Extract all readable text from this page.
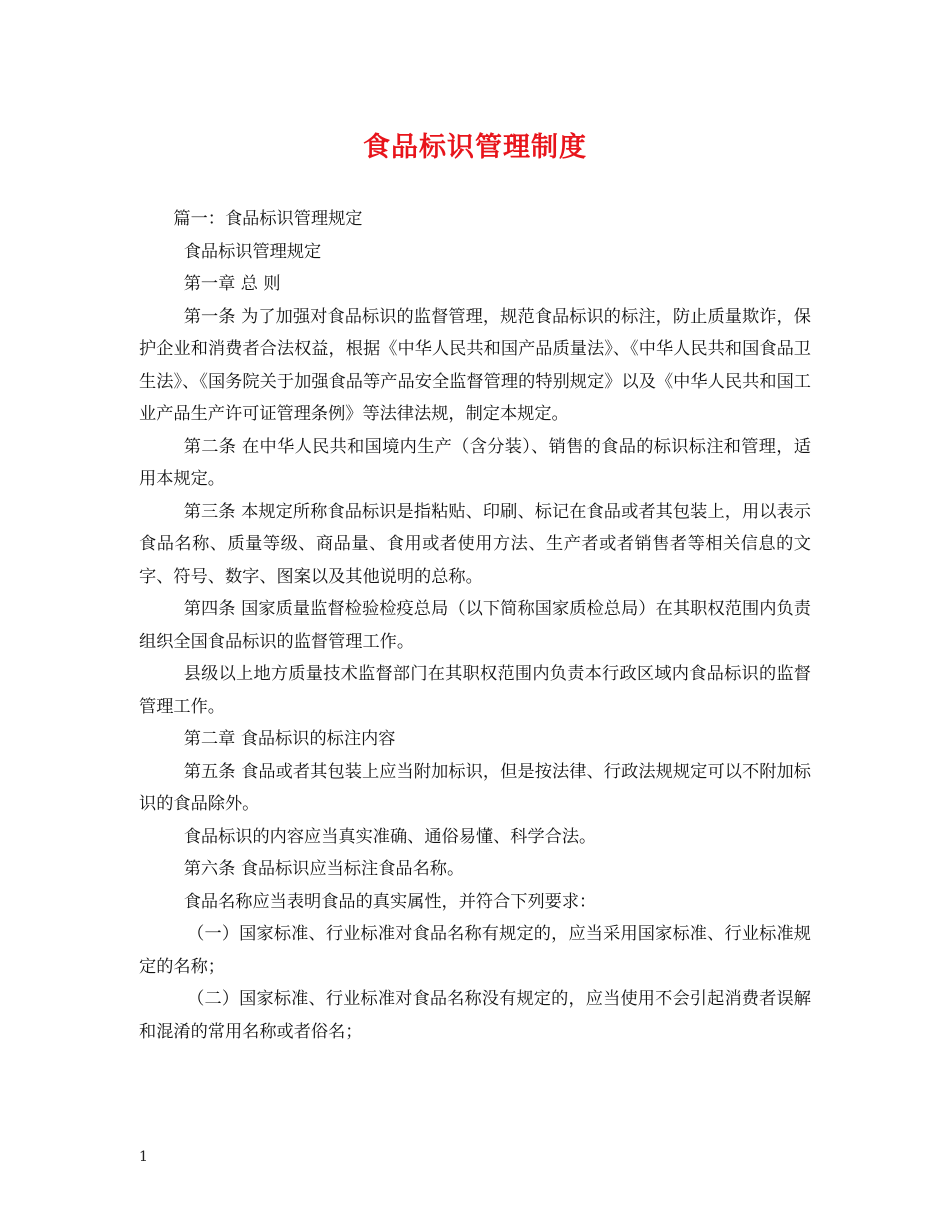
食品标识管理制度

篇一：食品标识管理规定

食品标识管理规定

第一章 总 则

第一条 为了加强对食品标识的监督管理，规范食品标识的标注，防止质量欺诈，保护企业和消费者合法权益，根据《中华人民共和国产品质量法》、《中华人民共和国食品卫生法》、《国务院关于加强食品等产品安全监督管理的特别规定》以及《中华人民共和国工业产品生产许可证管理条例》等法律法规，制定本规定。

第二条 在中华人民共和国境内生产（含分装）、销售的食品的标识标注和管理，适用本规定。

第三条 本规定所称食品标识是指粘贴、印刷、标记在食品或者其包装上，用以表示食品名称、质量等级、商品量、食用或者使用方法、生产者或者销售者等相关信息的文字、符号、数字、图案以及其他说明的总称。

第四条 国家质量监督检验检疫总局（以下简称国家质检总局）在其职权范围内负责组织全国食品标识的监督管理工作。

县级以上地方质量技术监督部门在其职权范围内负责本行政区域内食品标识的监督管理工作。

第二章 食品标识的标注内容

第五条 食品或者其包装上应当附加标识，但是按法律、行政法规规定可以不附加标识的食品除外。

食品标识的内容应当真实准确、通俗易懂、科学合法。

第六条 食品标识应当标注食品名称。

食品名称应当表明食品的真实属性，并符合下列要求：

（一）国家标准、行业标准对食品名称有规定的，应当采用国家标准、行业标准规定的名称；

（二）国家标准、行业标准对食品名称没有规定的，应当使用不会引起消费者误解和混淆的常用名称或者俗名；

1
